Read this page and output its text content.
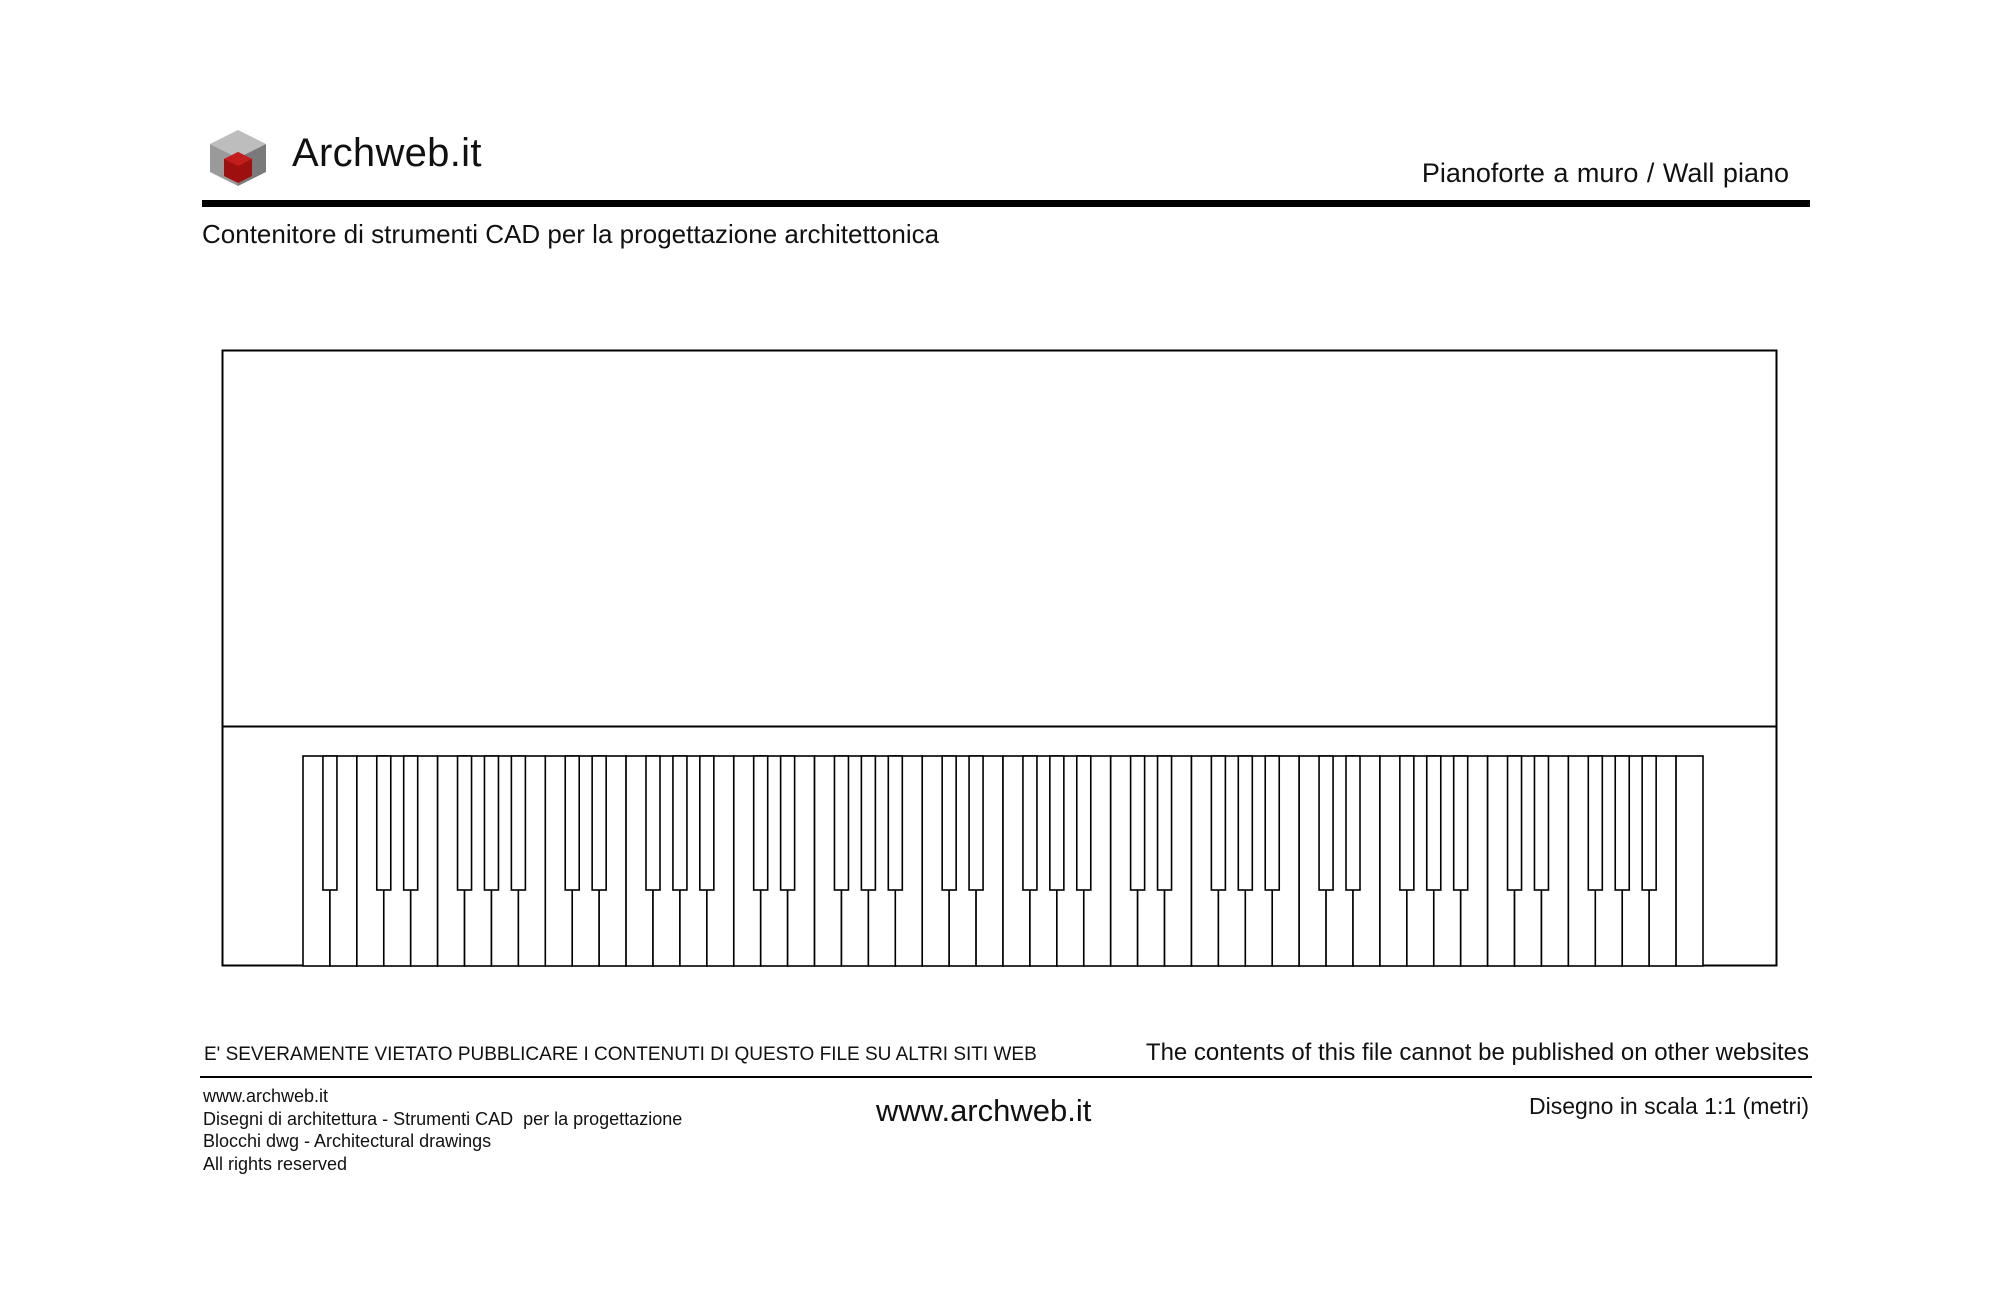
Archweb.it	Pianoforte a muro / Wall piano
Contenitore di strumenti CAD per la progettazione architettonica
E' SEVERAMENTE VIETATO PUBBLICARE I CONTENUTI DI QUESTO FILE SU ALTRI SITI WEB	The contents of this file cannot be published on other websites
www.archweb.it
Disegni di architettura - Strumenti CAD  per la progettazione
Blocchi dwg - Architectural drawings
All rights reserved
www.archweb.it	Disegno in scala 1:1 (metri)
